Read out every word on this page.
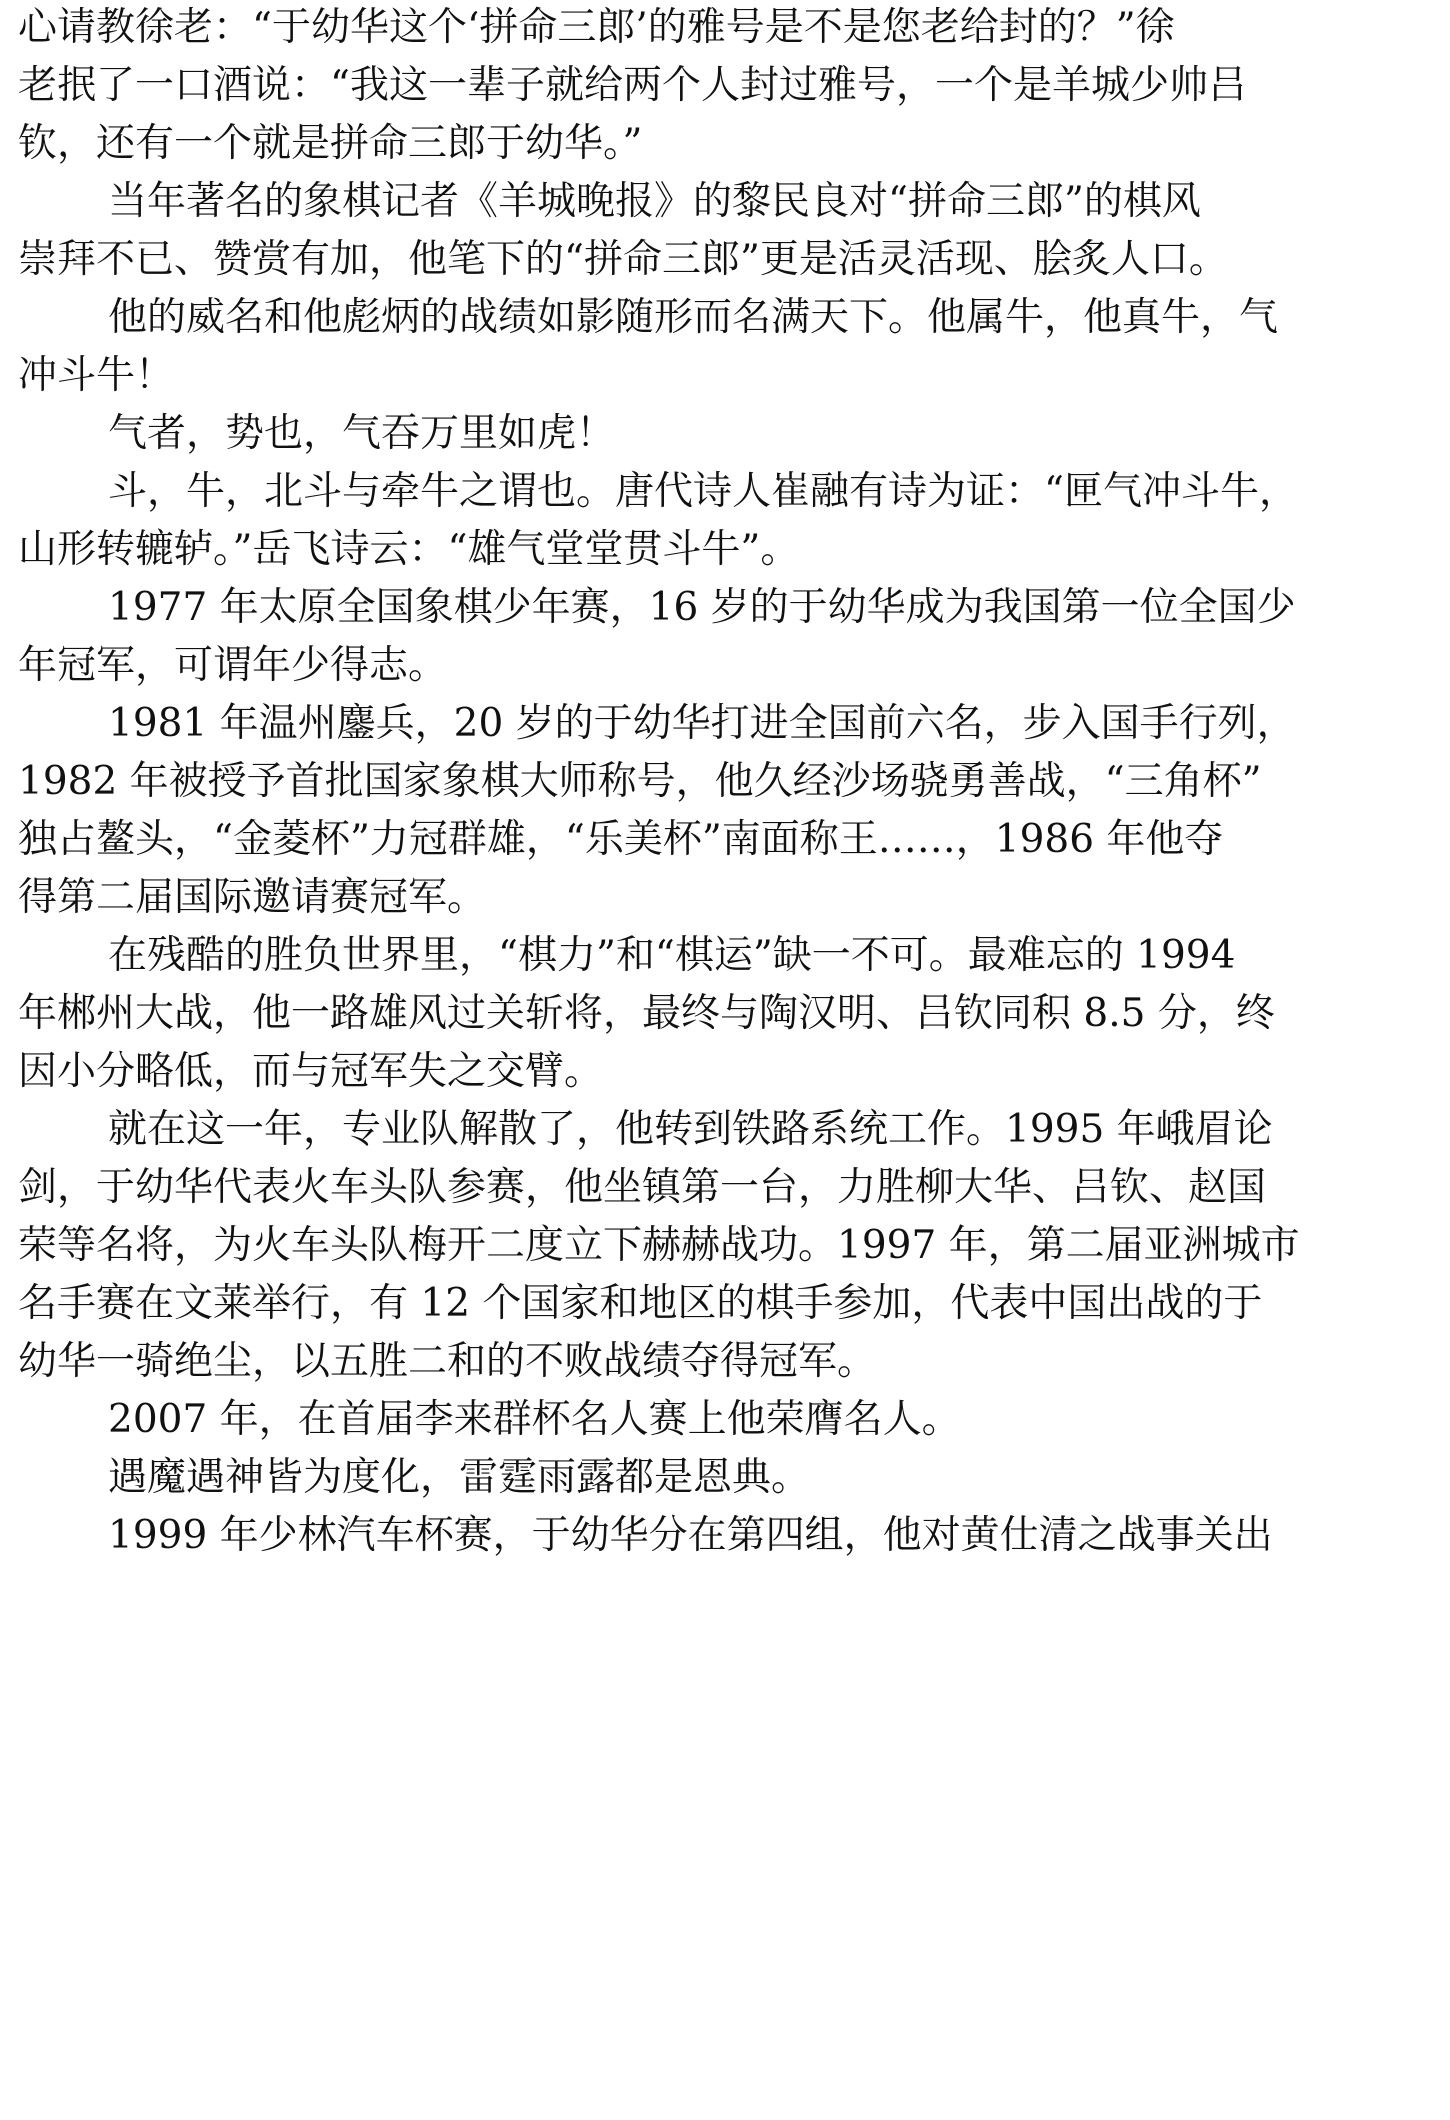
心请教徐老：“于幼华这个‘拼命三郎’的雅号是不是您老给封的？”徐
老抿了一口酒说：“我这一辈子就给两个人封过雅号，一个是羊城少帅吕
钦，还有一个就是拼命三郎于幼华。”
当年著名的象棋记者《羊城晚报》的黎民良对“拼命三郎”的棋风
崇拜不已、赞赏有加，他笔下的“拼命三郎”更是活灵活现、脍炙人口。
他的威名和他彪炳的战绩如影随形而名满天下。他属牛，他真牛，气
冲斗牛！
气者，势也，气吞万里如虎！
斗，牛，北斗与牵牛之谓也。唐代诗人崔融有诗为证：“匣气冲斗牛，
山形转辘轳。”岳飞诗云：“雄气堂堂贯斗牛”。
1977 年太原全国象棋少年赛，16 岁的于幼华成为我国第一位全国少
年冠军，可谓年少得志。
1981 年温州鏖兵，20 岁的于幼华打进全国前六名，步入国手行列，
1982 年被授予首批国家象棋大师称号，他久经沙场骁勇善战，“三角杯”
独占鳌头，“金菱杯”力冠群雄，“乐美杯”南面称王……，1986 年他夺
得第二届国际邀请赛冠军。
在残酷的胜负世界里，“棋力”和“棋运”缺一不可。最难忘的 1994
年郴州大战，他一路雄风过关斩将，最终与陶汉明、吕钦同积 8.5 分，终
因小分略低，而与冠军失之交臂。
就在这一年，专业队解散了，他转到铁路系统工作。1995 年峨眉论
剑，于幼华代表火车头队参赛，他坐镇第一台，力胜柳大华、吕钦、赵国
荣等名将，为火车头队梅开二度立下赫赫战功。1997 年，第二届亚洲城市
名手赛在文莱举行，有 12 个国家和地区的棋手参加，代表中国出战的于
幼华一骑绝尘，以五胜二和的不败战绩夺得冠军。
2007 年，在首届李来群杯名人赛上他荣膺名人。
遇魔遇神皆为度化，雷霆雨露都是恩典。
1999 年少林汽车杯赛，于幼华分在第四组，他对黄仕清之战事关出
